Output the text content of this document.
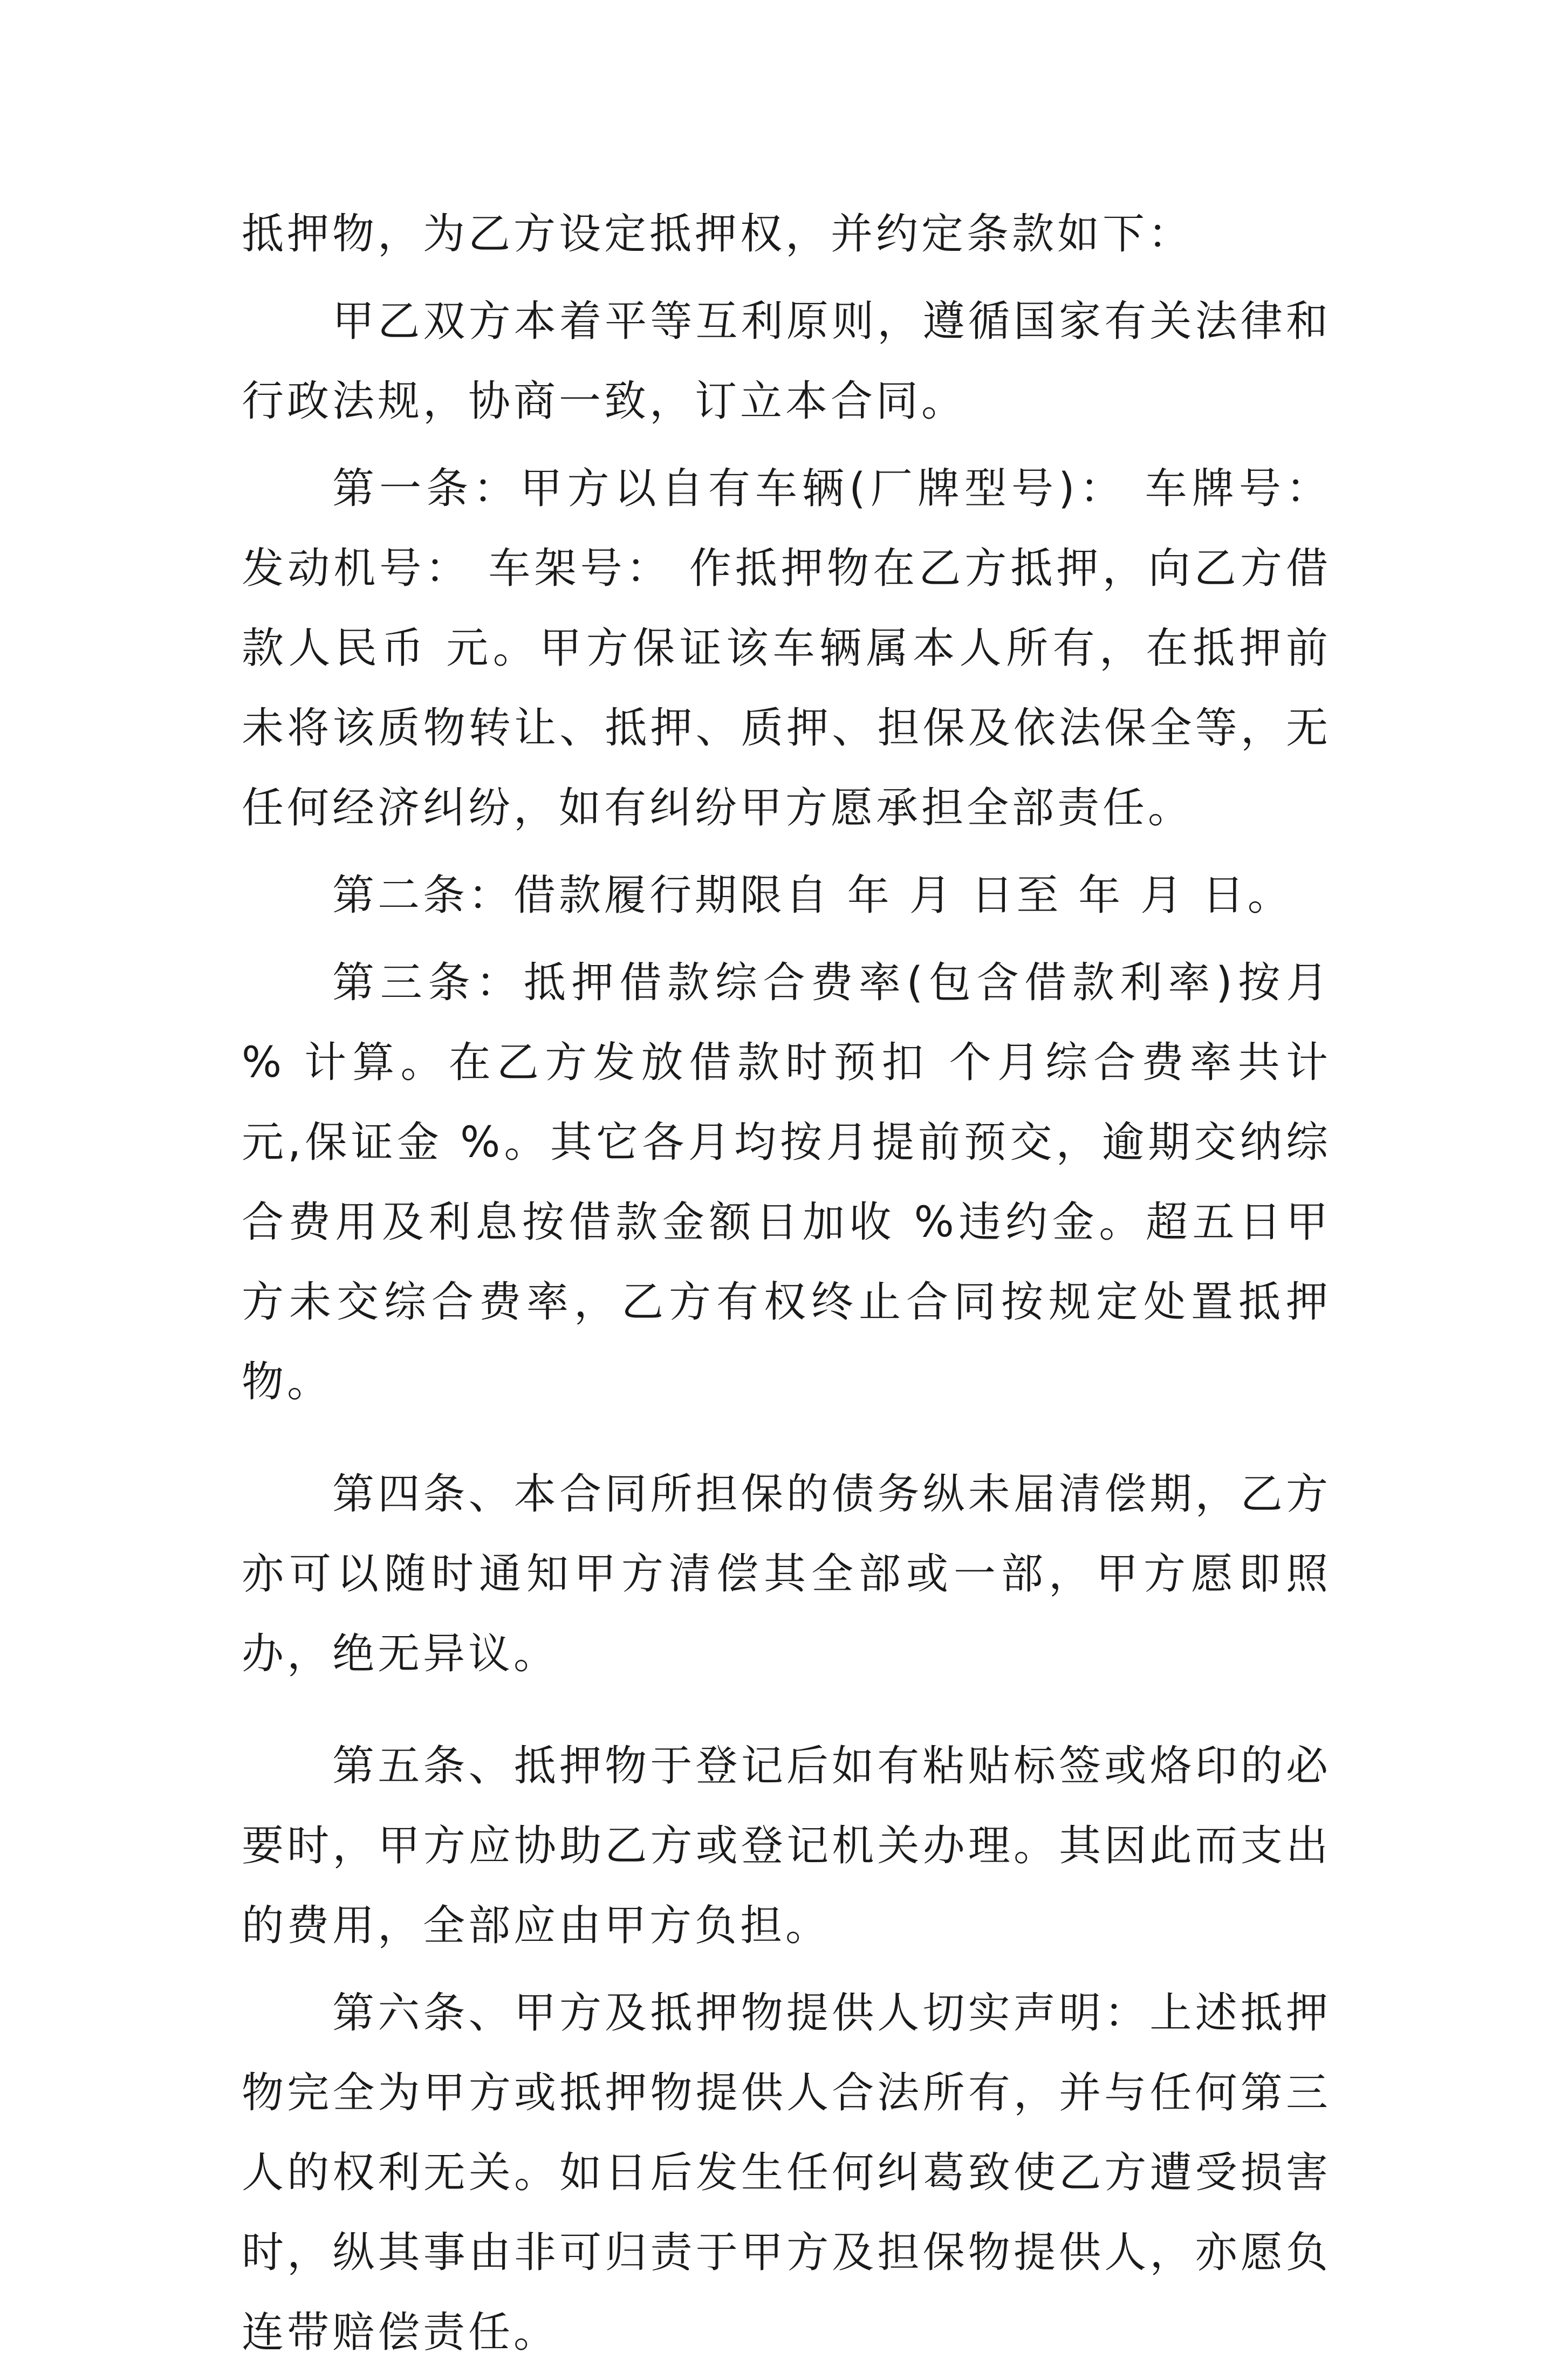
抵押物，为乙方设定抵押权，并约定条款如下：

甲乙双方本着平等互利原则，遵循国家有关法律和行政法规，协商一致，订立本合同。

第一条：甲方以自有车辆(厂牌型号)： 车牌号： 发动机号： 车架号： 作抵押物在乙方抵押，向乙方借款人民币 元。甲方保证该车辆属本人所有，在抵押前未将该质物转让、抵押、质押、担保及依法保全等，无任何经济纠纷，如有纠纷甲方愿承担全部责任。

第二条：借款履行期限自 年 月 日至 年 月 日。

第三条：抵押借款综合费率(包含借款利率)按月 % 计算。在乙方发放借款时预扣 个月综合费率共计 元,保证金 %。其它各月均按月提前预交，逾期交纳综合费用及利息按借款金额日加收 %违约金。超五日甲方未交综合费率，乙方有权终止合同按规定处置抵押物。

第四条、本合同所担保的债务纵未届清偿期，乙方亦可以随时通知甲方清偿其全部或一部，甲方愿即照办，绝无异议。

第五条、抵押物于登记后如有粘贴标签或烙印的必要时，甲方应协助乙方或登记机关办理。其因此而支出的费用，全部应由甲方负担。

第六条、甲方及抵押物提供人切实声明：上述抵押物完全为甲方或抵押物提供人合法所有，并与任何第三人的权利无关。如日后发生任何纠葛致使乙方遭受损害时，纵其事由非可归责于甲方及担保物提供人，亦愿负连带赔偿责任。
